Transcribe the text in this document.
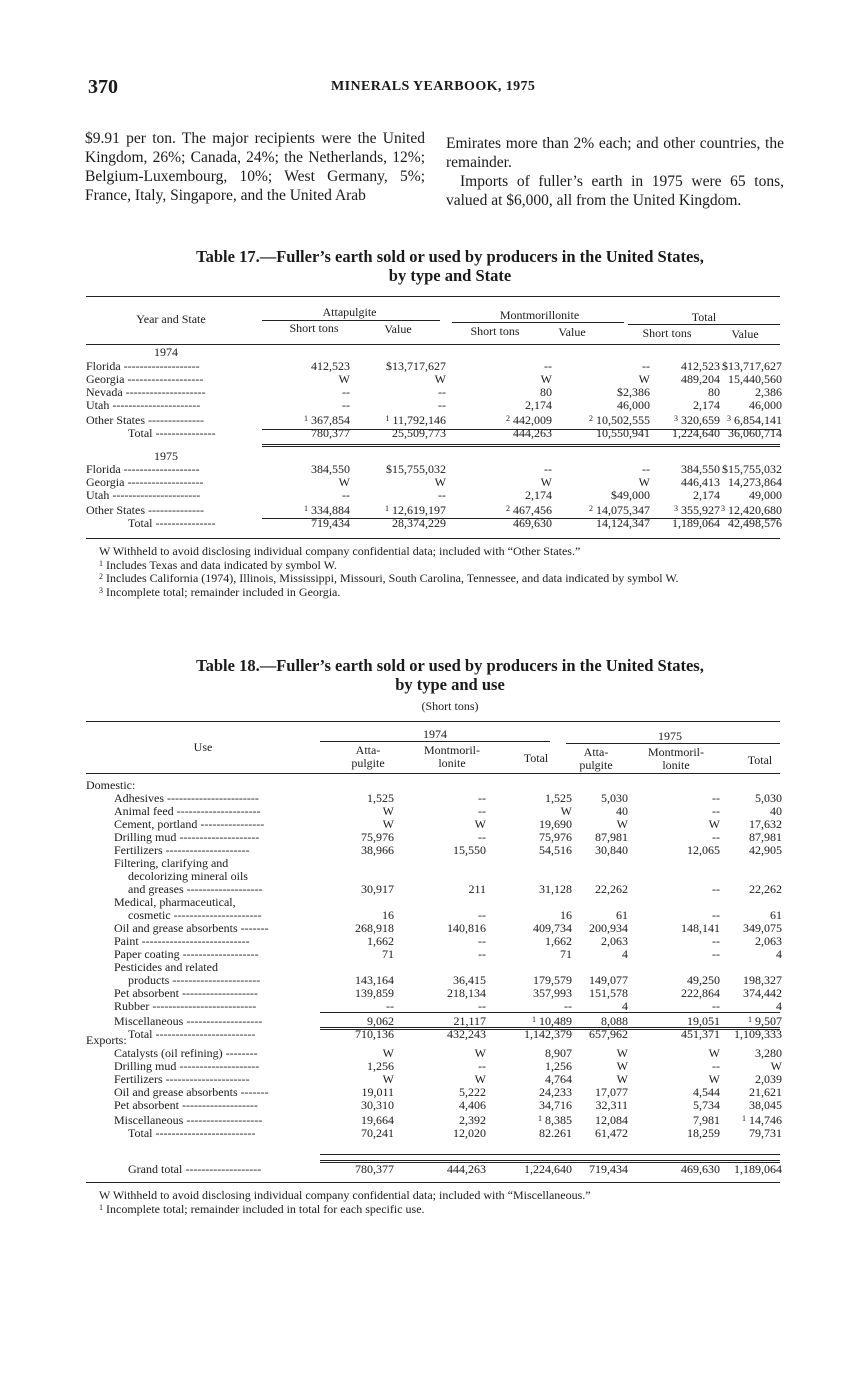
370	MINERALS YEARBOOK, 1975

$9.91 per ton. The major recipients were the United Kingdom, 26%; Canada, 24%; the Netherlands, 12%; Belgium-Luxembourg, 10%; West Germany, 5%; France, Italy, Singapore, and the United Arab

Emirates more than 2% each; and other countries, the remainder.

Imports of fuller’s earth in 1975 were 65 tons, valued at $6,000, all from the United Kingdom.

Table 17.—Fuller’s earth sold or used by producers in the United States,
by type and State
Year and State	Attapulgite	Montmorillonite	Total
Short tons	Value	Short tons	Value	Short tons	Value
1974
Florida -------------------	412,523	$13,717,627	--	--	412,523	$13,717,627
Georgia -------------------	W	W	W	W	489,204	15,440,560
Nevada --------------------	--	--	80	$2,386	80	2,386
Utah ----------------------	--	--	2,174	46,000	2,174	46,000
Other States --------------	$^1$ 367,854	$^1$ 11,792,146	$^2$ 442,009	$^2$ 10,502,555	$^3$ 320,659	$^3$ 6,854,141
Total ---------------	780,377	25,509,773	444,263	10,550,941	1,224,640	36,060,714
1975
Florida -------------------	384,550	$15,755,032	--	--	384,550	$15,755,032
Georgia -------------------	W	W	W	W	446,413	14,273,864
Utah ----------------------	--	--	2,174	$49,000	2,174	49,000
Other States --------------	$^1$ 334,884	$^1$ 12,619,197	$^2$ 467,456	$^2$ 14,075,347	$^3$ 355,927	$^3$ 12,420,680
Total ---------------	719,434	28,374,229	469,630	14,124,347	1,189,064	42,498,576

W Withheld to avoid disclosing individual company confidential data; included with “Other States.”

$^1$ Includes Texas and data indicated by symbol W.

$^2$ Includes California (1974), Illinois, Mississippi, Missouri, South Carolina, Tennessee, and data indicated by symbol W.

$^3$ Incomplete total; remainder included in Georgia.

Table 18.—Fuller’s earth sold or used by producers in the United States,
by type and use
(Short tons)
Use
1974	1975
Atta-
pulgite
Montmoril-
lonite	Total	Atta-
pulgite
Montmoril-
lonite	Total
Domestic:
Adhesives -----------------------	1,525	--	1,525	5,030	--	5,030
Animal feed ---------------------	W	--	W	40	--	40
Cement, portland ----------------	W	W	19,690	W	W	17,632
Drilling mud --------------------	75,976	--	75,976	87,981	--	87,981
Fertilizers ---------------------	38,966	15,550	54,516	30,840	12,065	42,905
Filtering, clarifying and						
decolorizing mineral oils						
and greases -------------------	30,917	211	31,128	22,262	--	22,262
Medical, pharmaceutical,						
cosmetic ----------------------	16	--	16	61	--	61
Oil and grease absorbents -------	268,918	140,816	409,734	200,934	148,141	349,075
Paint ---------------------------	1,662	--	1,662	2,063	--	2,063
Paper coating -------------------	71	--	71	4	--	4
Pesticides and related						
products ----------------------	143,164	36,415	179,579	149,077	49,250	198,327
Pet absorbent -------------------	139,859	218,134	357,993	151,578	222,864	374,442
Rubber --------------------------	--	--	--	4	--	4
Miscellaneous -------------------	9,062	21,117	$^1$ 10,489	8,088	19,051	$^1$ 9,507
Total -------------------------	710,136	432,243	1,142,379	657,962	451,371	1,109,333
Exports:
Catalysts (oil refining) --------	W	W	8,907	W	W	3,280
Drilling mud --------------------	1,256	--	1,256	W	--	W
Fertilizers ---------------------	W	W	4,764	W	W	2,039
Oil and grease absorbents -------	19,011	5,222	24,233	17,077	4,544	21,621
Pet absorbent -------------------	30,310	4,406	34,716	32,311	5,734	38,045
Miscellaneous -------------------	19,664	2,392	$^1$ 8,385	12,084	7,981	$^1$ 14,746
Total -------------------------	70,241	12,020	82.261	61,472	18,259	79,731
Grand total -------------------	780,377	444,263	1,224,640	719,434	469,630	1,189,064

W Withheld to avoid disclosing individual company confidential data; included with “Miscellaneous.”

$^1$ Incomplete total; remainder included in total for each specific use.
